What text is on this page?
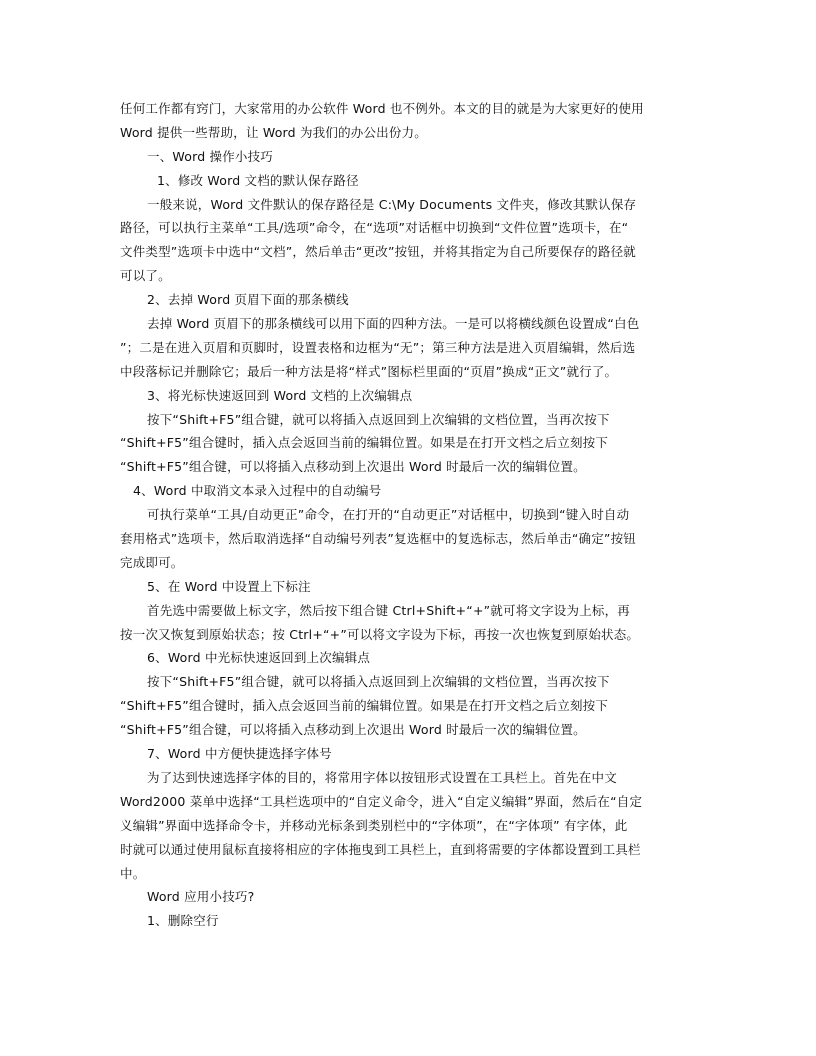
任何工作都有窍门，大家常用的办公软件 Word 也不例外。本文的目的就是为大家更好的使用
Word 提供一些帮助，让 Word 为我们的办公出份力。
一、Word 操作小技巧
1、修改 Word 文档的默认保存路径
一般来说，Word 文件默认的保存路径是 C:\My Documents 文件夹，修改其默认保存
路径，可以执行主菜单“工具/选项”命令，在“选项”对话框中切换到“文件位置”选项卡，在“
文件类型”选项卡中选中“文档”，然后单击“更改”按钮，并将其指定为自己所要保存的路径就
可以了。
2、去掉 Word 页眉下面的那条横线
去掉 Word 页眉下的那条横线可以用下面的四种方法。一是可以将横线颜色设置成“白色
”；二是在进入页眉和页脚时，设置表格和边框为“无”；第三种方法是进入页眉编辑，然后选
中段落标记并删除它；最后一种方法是将“样式”图标栏里面的“页眉”换成“正文”就行了。
3、将光标快速返回到 Word 文档的上次编辑点
按下“Shift+F5”组合键，就可以将插入点返回到上次编辑的文档位置，当再次按下
“Shift+F5”组合键时，插入点会返回当前的编辑位置。如果是在打开文档之后立刻按下
“Shift+F5”组合键，可以将插入点移动到上次退出 Word 时最后一次的编辑位置。
4、Word 中取消文本录入过程中的自动编号
可执行菜单“工具/自动更正”命令，在打开的“自动更正”对话框中，切换到“键入时自动
套用格式”选项卡，然后取消选择“自动编号列表”复选框中的复选标志，然后单击“确定”按钮
完成即可。
5、在 Word 中设置上下标注
首先选中需要做上标文字，然后按下组合键 Ctrl+Shift+“+”就可将文字设为上标，再
按一次又恢复到原始状态；按 Ctrl+“+”可以将文字设为下标，再按一次也恢复到原始状态。
6、Word 中光标快速返回到上次编辑点
按下“Shift+F5”组合键，就可以将插入点返回到上次编辑的文档位置，当再次按下
“Shift+F5”组合键时，插入点会返回当前的编辑位置。如果是在打开文档之后立刻按下
“Shift+F5”组合键，可以将插入点移动到上次退出 Word 时最后一次的编辑位置。
7、Word 中方便快捷选择字体号
为了达到快速选择字体的目的，将常用字体以按钮形式设置在工具栏上。首先在中文
Word2000 菜单中选择“工具栏选项中的“自定义命令，进入“自定义编辑”界面，然后在“自定
义编辑”界面中选择命令卡，并移动光标条到类别栏中的“字体项”，在“字体项” 有字体，此
时就可以通过使用鼠标直接将相应的字体拖曳到工具栏上，直到将需要的字体都设置到工具栏
中。
Word 应用小技巧?
1、删除空行
